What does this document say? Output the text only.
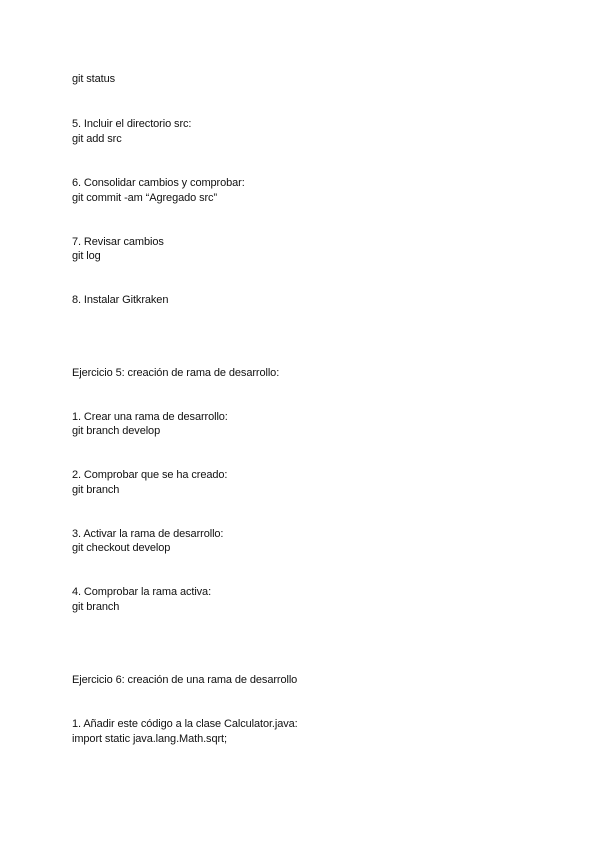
git status
5. Incluir el directorio src:
git add src
6. Consolidar cambios y comprobar:
git commit -am “Agregado src”
7. Revisar cambios
git log
8. Instalar Gitkraken
Ejercicio 5: creación de rama de desarrollo:
1. Crear una rama de desarrollo:
git branch develop
2. Comprobar que se ha creado:
git branch
3. Activar la rama de desarrollo:
git checkout develop
4. Comprobar la rama activa:
git branch
Ejercicio 6: creación de una rama de desarrollo
1. Añadir este código a la clase Calculator.java:
import static java.lang.Math.sqrt;
